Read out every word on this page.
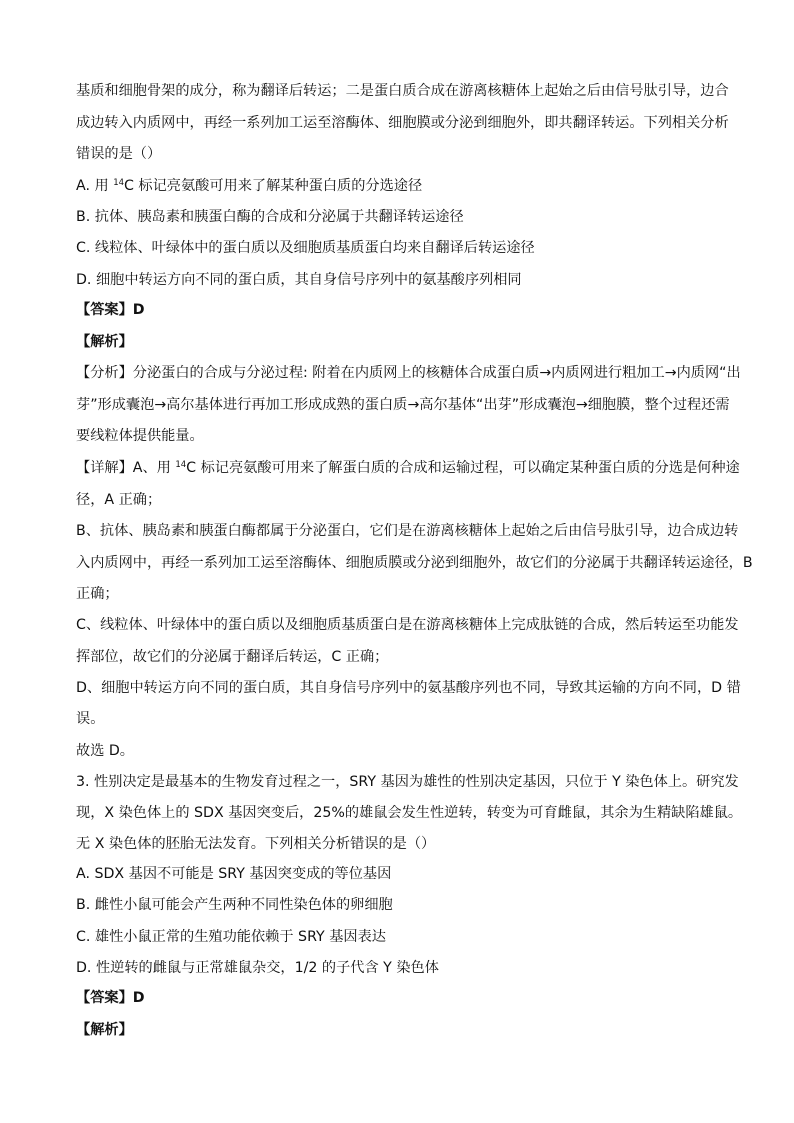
基质和细胞骨架的成分，称为翻译后转运；二是蛋白质合成在游离核糖体上起始之后由信号肽引导，边合
成边转入内质网中，再经一系列加工运至溶酶体、细胞膜或分泌到细胞外，即共翻译转运。下列相关分析
错误的是（）
A. 用 $^{14}$C 标记亮氨酸可用来了解某种蛋白质的分选途径
B. 抗体、胰岛素和胰蛋白酶的合成和分泌属于共翻译转运途径
C. 线粒体、叶绿体中的蛋白质以及细胞质基质蛋白均来自翻译后转运途径
D. 细胞中转运方向不同的蛋白质，其自身信号序列中的氨基酸序列相同
【答案】D
【解析】
【分析】分泌蛋白的合成与分泌过程: 附着在内质网上的核糖体合成蛋白质→内质网进行粗加工→内质网“出
芽”形成囊泡→高尔基体进行再加工形成成熟的蛋白质→高尔基体“出芽”形成囊泡→细胞膜，整个过程还需
要线粒体提供能量。
【详解】A、用 $^{14}$C 标记亮氨酸可用来了解蛋白质的合成和运输过程，可以确定某种蛋白质的分选是何种途
径，A 正确；
B、抗体、胰岛素和胰蛋白酶都属于分泌蛋白，它们是在游离核糖体上起始之后由信号肽引导，边合成边转
入内质网中，再经一系列加工运至溶酶体、细胞质膜或分泌到细胞外，故它们的分泌属于共翻译转运途径，B
正确；
C、线粒体、叶绿体中的蛋白质以及细胞质基质蛋白是在游离核糖体上完成肽链的合成，然后转运至功能发
挥部位，故它们的分泌属于翻译后转运，C 正确；
D、细胞中转运方向不同的蛋白质，其自身信号序列中的氨基酸序列也不同，导致其运输的方向不同，D 错
误。
故选 D。
3. 性别决定是最基本的生物发育过程之一，SRY 基因为雄性的性别决定基因，只位于 Y 染色体上。研究发
现，X 染色体上的 SDX 基因突变后，25%的雄鼠会发生性逆转，转变为可育雌鼠，其余为生精缺陷雄鼠。
无 X 染色体的胚胎无法发育。下列相关分析错误的是（）
A. SDX 基因不可能是 SRY 基因突变成的等位基因
B. 雌性小鼠可能会产生两种不同性染色体的卵细胞
C. 雄性小鼠正常的生殖功能依赖于 SRY 基因表达
D. 性逆转的雌鼠与正常雄鼠杂交，1/2 的子代含 Y 染色体
【答案】D
【解析】
